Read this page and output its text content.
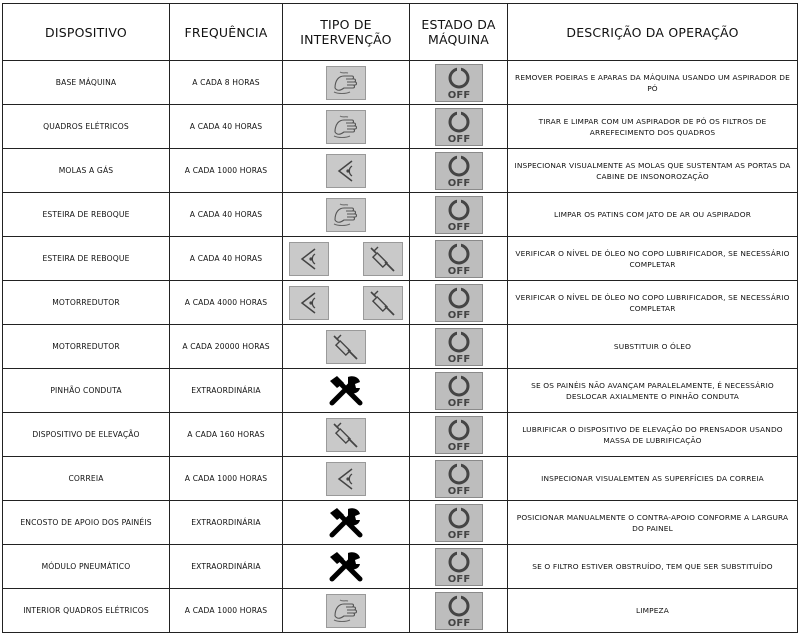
DISPOSITIVO	FREQUÊNCIA	TIPO DE INTERVENÇÃO	ESTADO DA MÁQUINA	DESCRIÇÃO DA OPERAÇÃO
BASE MÁQUINA	A CADA 8 HORAS		OFF	REMOVER POEIRAS E APARAS DA MÁQUINA USANDO UM ASPIRADOR DE PÓ
QUADROS ELÉTRICOS	A CADA 40 HORAS		OFF	TIRAR E LIMPAR COM UM ASPIRADOR DE PÓ OS FILTROS DE ARREFECIMENTO DOS QUADROS
MOLAS A GÁS	A CADA 1000 HORAS		OFF	INSPECIONAR VISUALMENTE AS MOLAS QUE SUSTENTAM AS PORTAS DA CABINE DE INSONOROZAÇÃO
ESTEIRA DE REBOQUE	A CADA 40 HORAS		OFF	LIMPAR OS PATINS COM JATO DE AR OU ASPIRADOR
ESTEIRA DE REBOQUE	A CADA 40 HORAS		OFF	VERIFICAR O NÍVEL DE ÓLEO NO COPO LUBRIFICADOR, SE NECESSÁRIO COMPLETAR
MOTORREDUTOR	A CADA 4000 HORAS		OFF	VERIFICAR O NÍVEL DE ÓLEO NO COPO LUBRIFICADOR, SE NECESSÁRIO COMPLETAR
MOTORREDUTOR	A CADA 20000 HORAS		OFF	SUBSTITUIR O ÓLEO
PINHÃO CONDUTA	EXTRAORDINÁRIA		OFF	SE OS PAINÉIS NÃO AVANÇAM PARALELAMENTE, É NECESSÁRIO DESLOCAR AXIALMENTE O PINHÃO CONDUTA
DISPOSITIVO DE ELEVAÇÃO	A CADA 160 HORAS		OFF	LUBRIFICAR O DISPOSITIVO DE ELEVAÇÃO DO PRENSADOR USANDO MASSA DE LUBRIFICAÇÃO
CORREIA	A CADA 1000 HORAS		OFF	INSPECIONAR VISUALEMTEN AS SUPERFÍCIES DA CORREIA
ENCOSTO DE APOIO DOS PAINÉIS	EXTRAORDINÁRIA		OFF	POSICIONAR MANUALMENTE O CONTRA-APOIO CONFORME A LARGURA DO PAINEL
MÓDULO PNEUMÁTICO	EXTRAORDINÁRIA		OFF	SE O FILTRO ESTIVER OBSTRUÍDO, TEM QUE SER SUBSTITUÍDO
INTERIOR QUADROS ELÉTRICOS	A CADA 1000 HORAS		OFF	LIMPEZA
